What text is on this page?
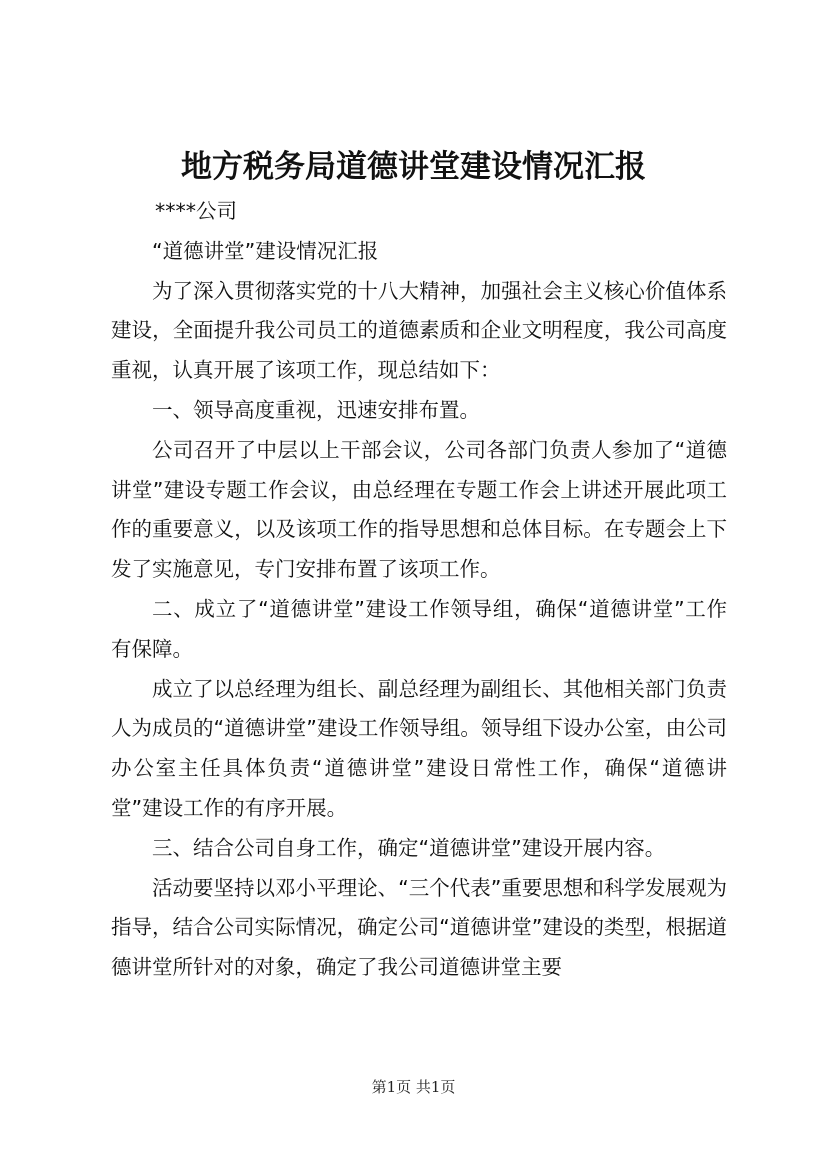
地方税务局道德讲堂建设情况汇报

****公司

“道德讲堂”建设情况汇报

为了深入贯彻落实党的十八大精神，加强社会主义核心价值体系建设，全面提升我公司员工的道德素质和企业文明程度，我公司高度重视，认真开展了该项工作，现总结如下：

一、领导高度重视，迅速安排布置。

公司召开了中层以上干部会议，公司各部门负责人参加了“道德讲堂”建设专题工作会议，由总经理在专题工作会上讲述开展此项工作的重要意义，以及该项工作的指导思想和总体目标。在专题会上下发了实施意见，专门安排布置了该项工作。

二、成立了“道德讲堂”建设工作领导组，确保“道德讲堂”工作有保障。

成立了以总经理为组长、副总经理为副组长、其他相关部门负责人为成员的“道德讲堂”建设工作领导组。领导组下设办公室，由公司办公室主任具体负责“道德讲堂”建设日常性工作，确保“道德讲堂”建设工作的有序开展。

三、结合公司自身工作，确定“道德讲堂”建设开展内容。

活动要坚持以邓小平理论、“三个代表”重要思想和科学发展观为指导，结合公司实际情况，确定公司“道德讲堂”建设的类型，根据道德讲堂所针对的对象，确定了我公司道德讲堂主要

第1页 共1页
